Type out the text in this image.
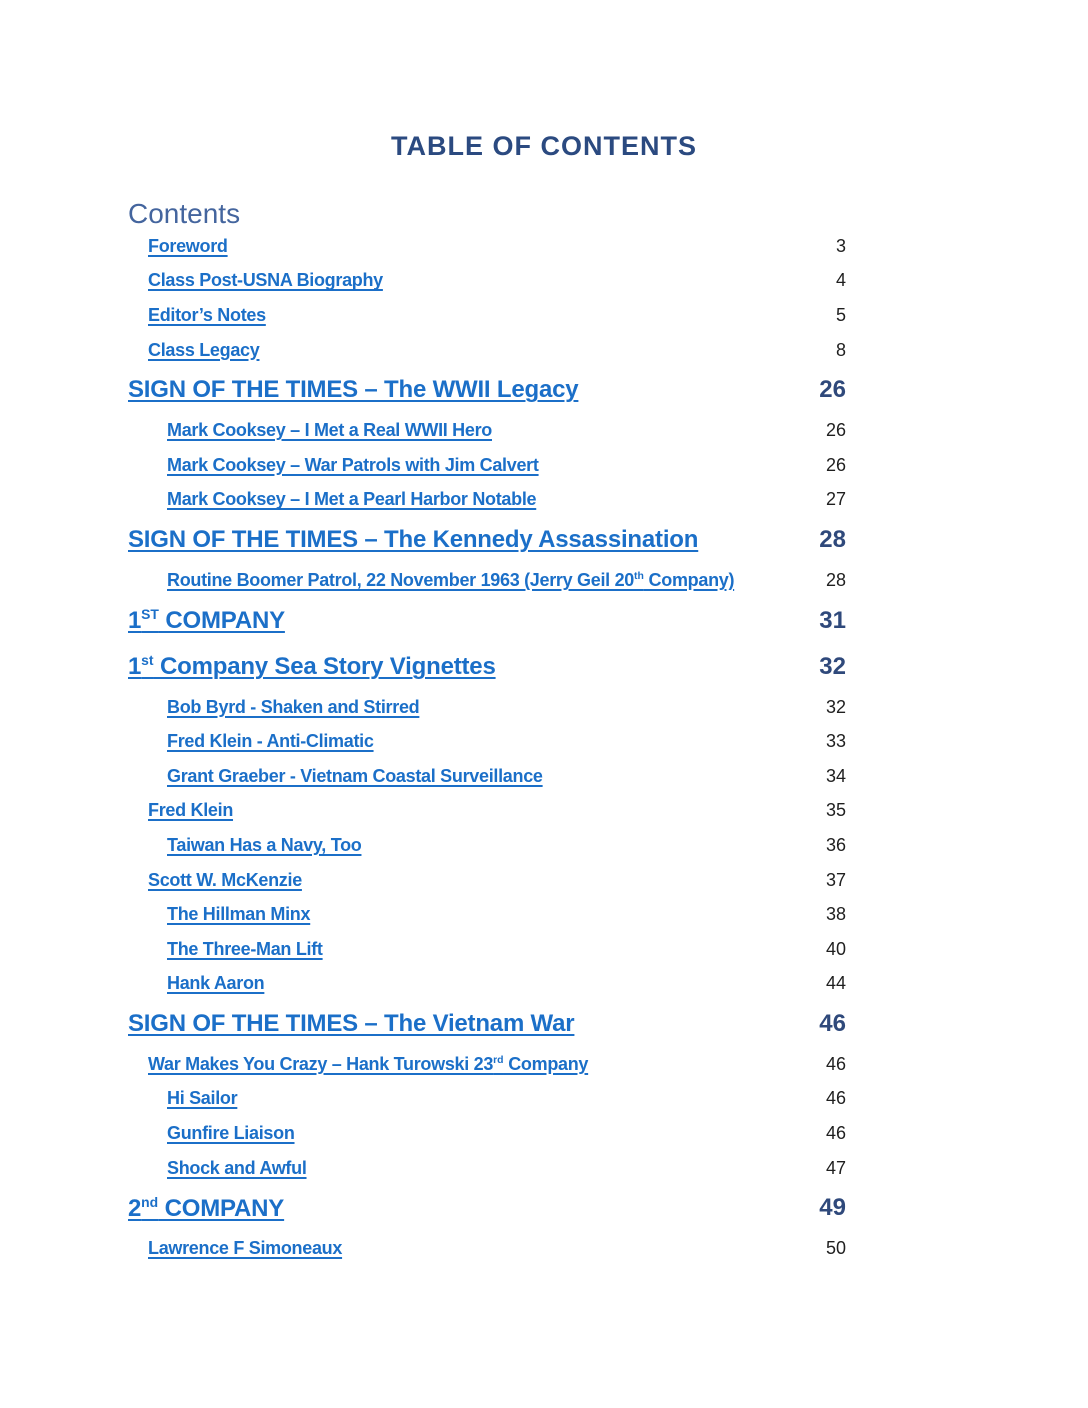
TABLE OF CONTENTS
Contents
Foreword	3
Class Post-USNA Biography	4
Editor’s Notes	5
Class Legacy	8
SIGN OF THE TIMES – The WWII Legacy	26
Mark Cooksey – I Met a Real WWII Hero	26
Mark Cooksey – War Patrols with Jim Calvert	26
Mark Cooksey – I Met a Pearl Harbor Notable	27
SIGN OF THE TIMES – The Kennedy Assassination	28
Routine Boomer Patrol, 22 November 1963 (Jerry Geil 20th Company)	28
1ST COMPANY	31
1st Company Sea Story Vignettes	32
Bob Byrd - Shaken and Stirred	32
Fred Klein - Anti-Climatic	33
Grant Graeber - Vietnam Coastal Surveillance	34
Fred Klein	35
Taiwan Has a Navy, Too	36
Scott W. McKenzie	37
The Hillman Minx	38
The Three-Man Lift	40
Hank Aaron	44
SIGN OF THE TIMES – The Vietnam War	46
War Makes You Crazy – Hank Turowski 23rd Company	46
Hi Sailor	46
Gunfire Liaison	46
Shock and Awful	47
2nd COMPANY	49
Lawrence F Simoneaux	50
